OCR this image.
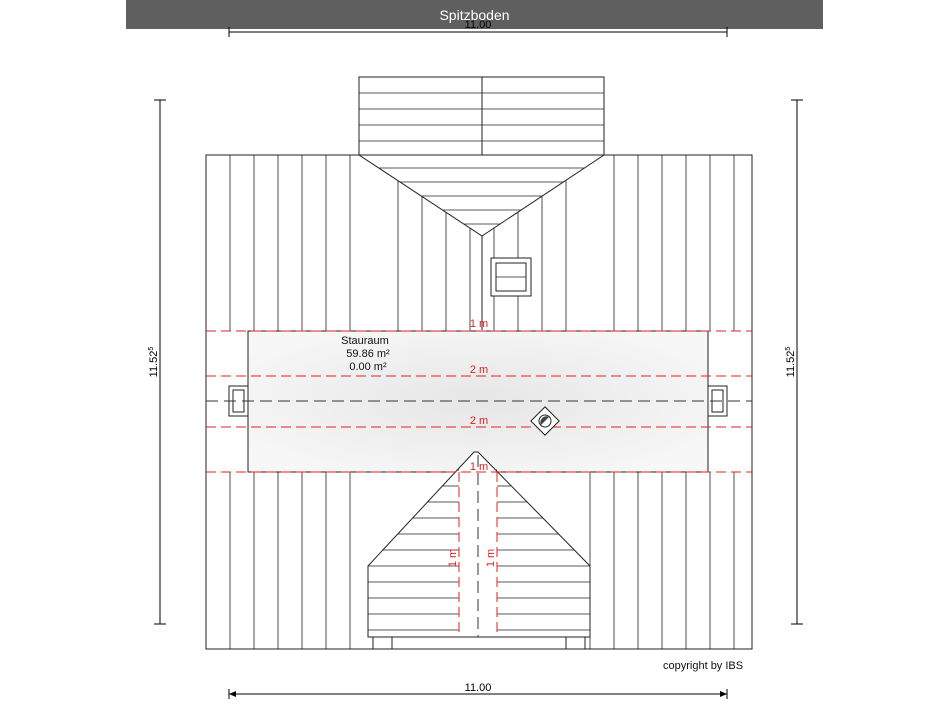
Spitzboden
11.00
11.00
11.52$^5$
11.52$^5$
1 m
2 m
2 m
1 m
1 m 1 m
Stauraum
59.86 m²
0.00 m²
copyright by IBS
